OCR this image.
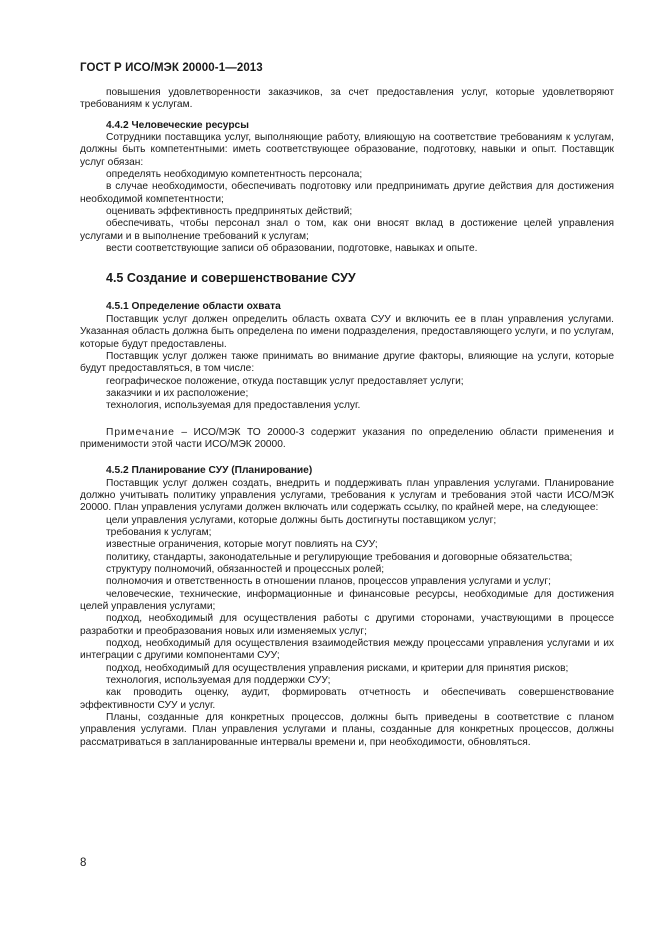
ГОСТ Р ИСО/МЭК 20000-1—2013

повышения удовлетворенности заказчиков, за счет предоставления услуг, которые удовлетворяют требованиям к услугам.

4.4.2 Человеческие ресурсы

Сотрудники поставщика услуг, выполняющие работу, влияющую на соответствие требованиям к услугам, должны быть компетентными: иметь соответствующее образование, подготовку, навыки и опыт. Поставщик услуг обязан:

определять необходимую компетентность персонала;

в случае необходимости, обеспечивать подготовку или предпринимать другие действия для достижения необходимой компетентности;

оценивать эффективность предпринятых действий;

обеспечивать, чтобы персонал знал о том, как они вносят вклад в достижение целей управления услугами и в выполнение требований к услугам;

вести соответствующие записи об образовании, подготовке, навыках и опыте.

4.5 Создание и совершенствование СУУ
4.5.1 Определение области охвата

Поставщик услуг должен определить область охвата СУУ и включить ее в план управления услугами. Указанная область должна быть определена по имени подразделения, предоставляющего услуги, и по услугам, которые будут предоставлены.

Поставщик услуг должен также принимать во внимание другие факторы, влияющие на услуги, которые будут предоставляться, в том числе:

географическое положение, откуда поставщик услуг предоставляет услуги;

заказчики и их расположение;

технология, используемая для предоставления услуг.

Примечание – ИСО/МЭК ТО 20000-3 содержит указания по определению области применения и применимости этой части ИСО/МЭК 20000.

4.5.2 Планирование СУУ (Планирование)

Поставщик услуг должен создать, внедрить и поддерживать план управления услугами. Планирование должно учитывать политику управления услугами, требования к услугам и требования этой части ИСО/МЭК 20000. План управления услугами должен включать или содержать ссылку, по крайней мере, на следующее:

цели управления услугами, которые должны быть достигнуты поставщиком услуг;

требования к услугам;

известные ограничения, которые могут повлиять на СУУ;

политику, стандарты, законодательные и регулирующие требования и договорные обязательства;

структуру полномочий, обязанностей и процессных ролей;

полномочия и ответственность в отношении планов, процессов управления услугами и услуг;

человеческие, технические, информационные и финансовые ресурсы, необходимые для достижения целей управления услугами;

подход, необходимый для осуществления работы с другими сторонами, участвующими в процессе разработки и преобразования новых или изменяемых услуг;

подход, необходимый для осуществления взаимодействия между процессами управления услугами и их интеграции с другими компонентами СУУ;

подход, необходимый для осуществления управления рисками, и критерии для принятия рисков;

технология, используемая для поддержки СУУ;

как проводить оценку, аудит, формировать отчетность и обеспечивать совершенствование эффективности СУУ и услуг.

Планы, созданные для конкретных процессов, должны быть приведены в соответствие с планом управления услугами. План управления услугами и планы, созданные для конкретных процессов, должны рассматриваться в запланированные интервалы времени и, при необходимости, обновляться.

8
